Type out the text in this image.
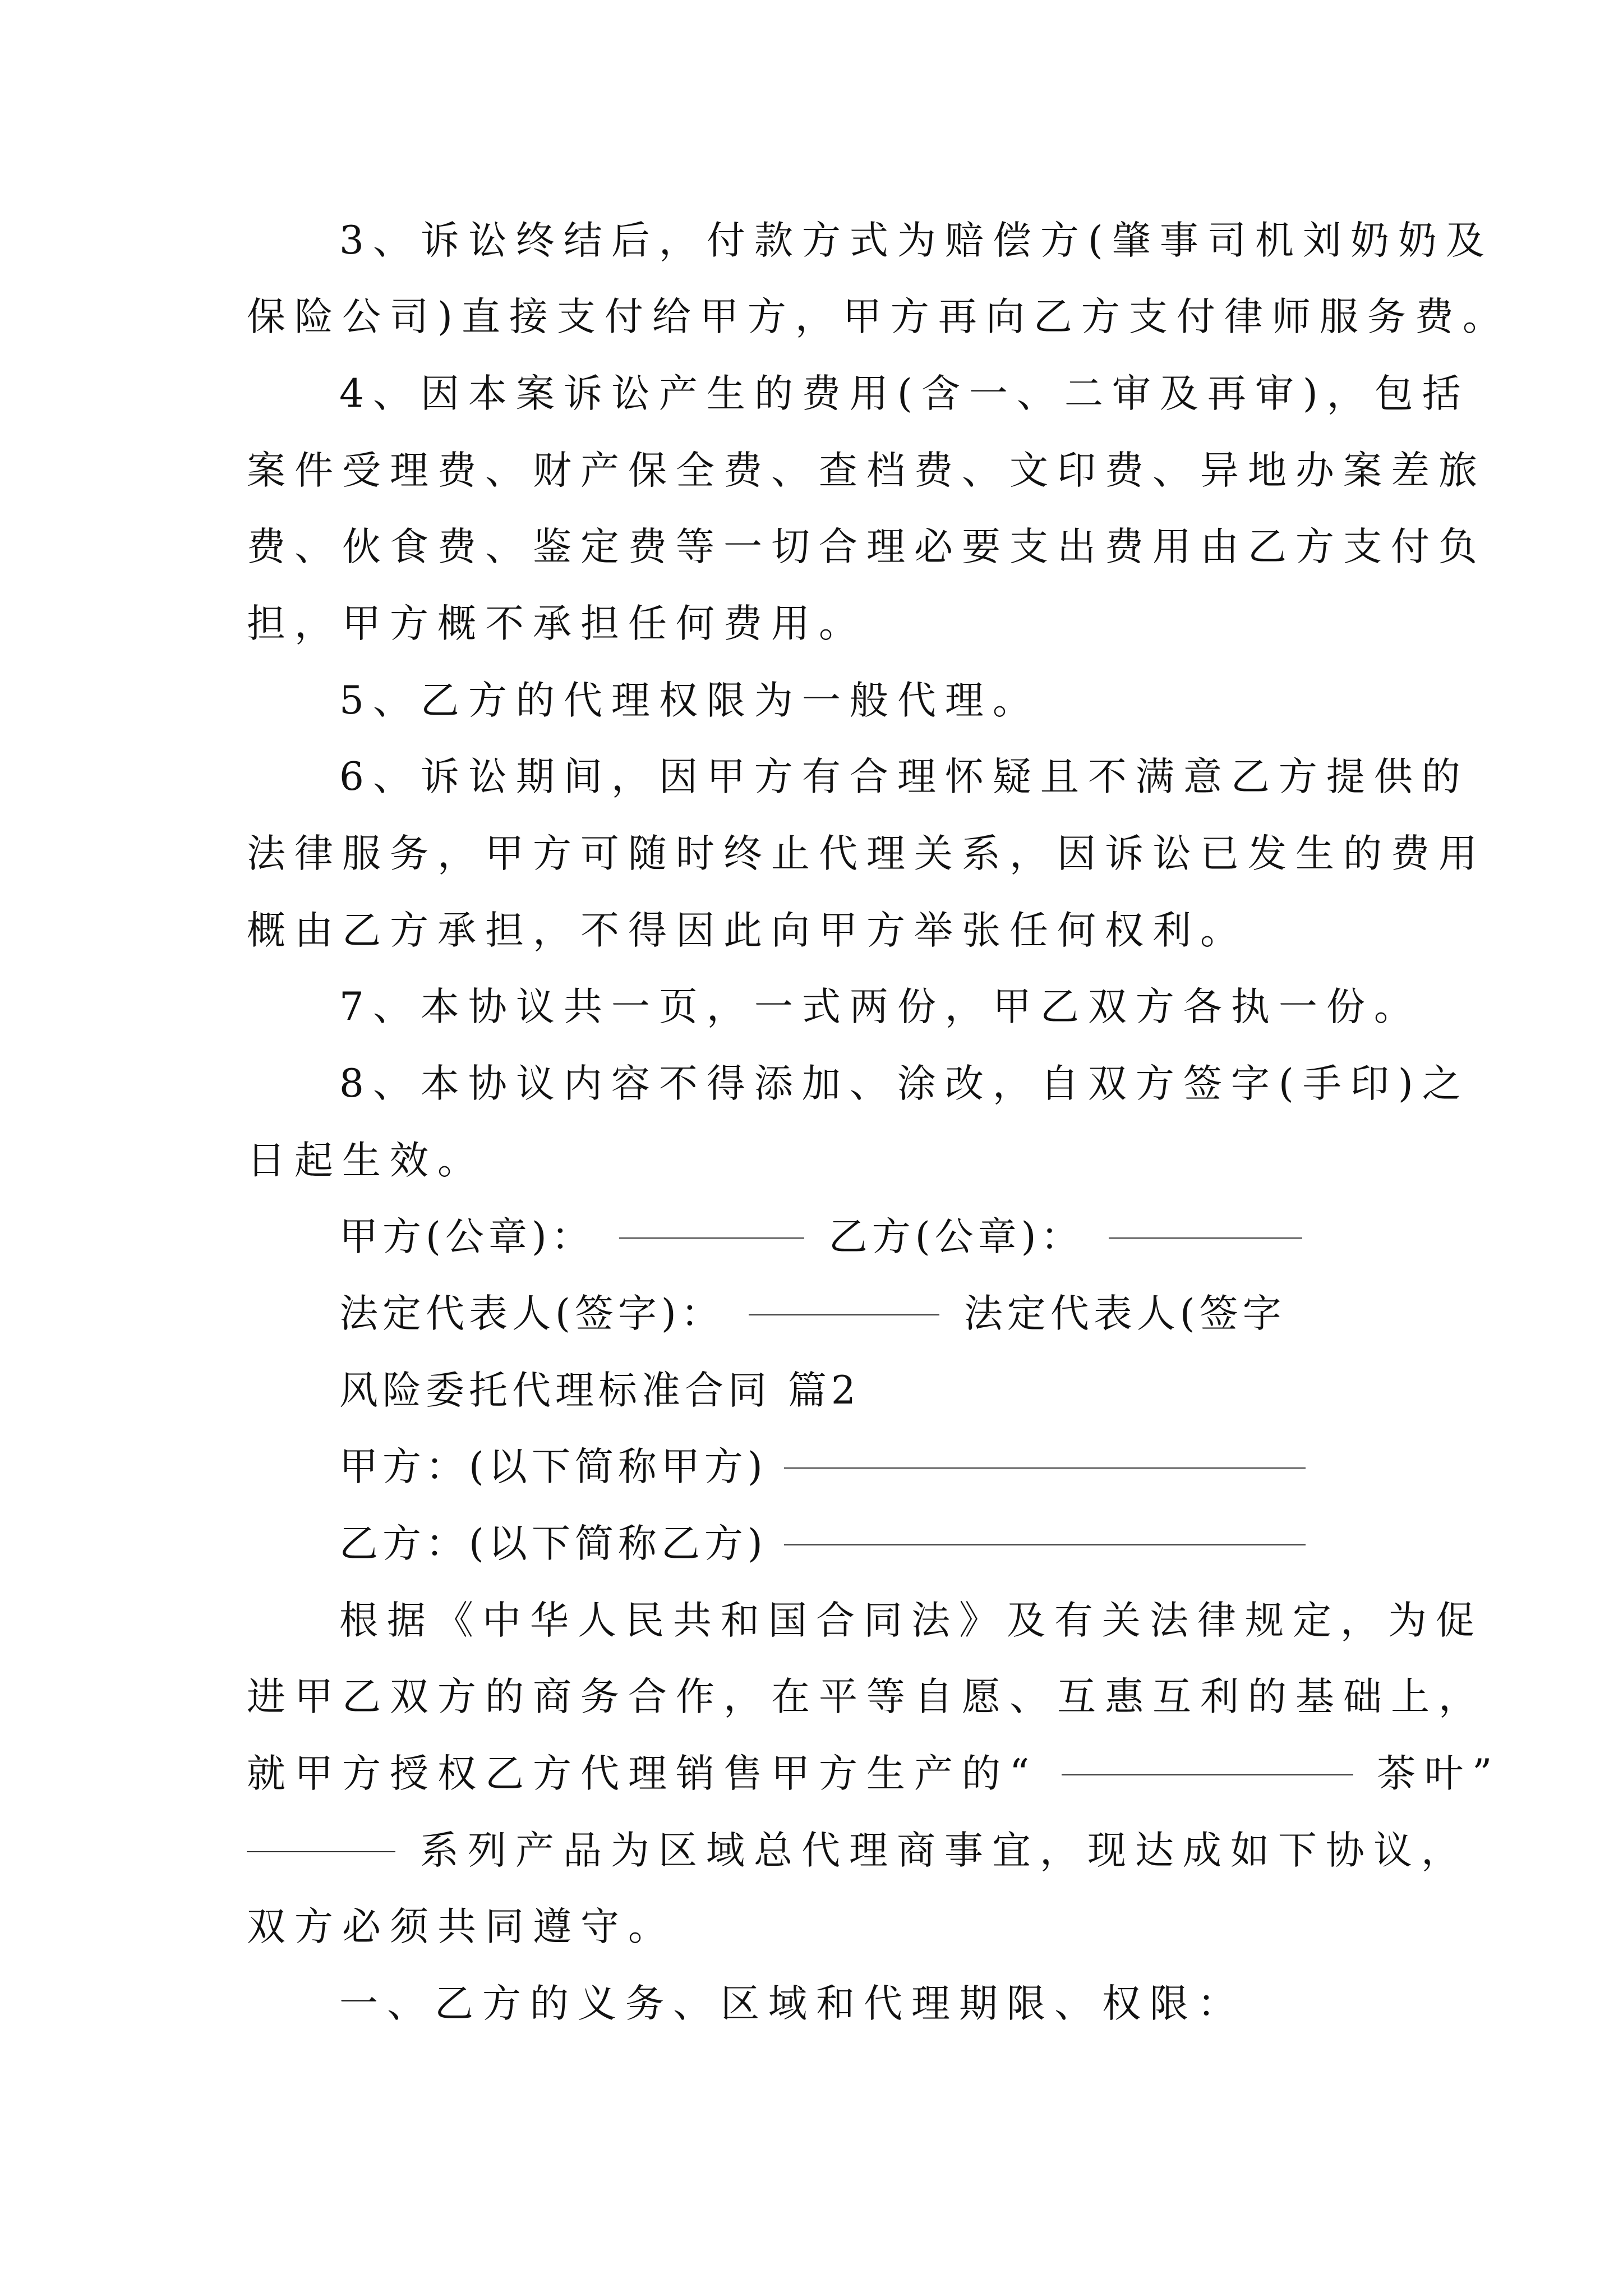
3、诉讼终结后，付款方式为赔偿方(肇事司机刘奶奶及
保险公司)直接支付给甲方，甲方再向乙方支付律师服务费。
4、因本案诉讼产生的费用(含一、二审及再审)，包括
案件受理费、财产保全费、查档费、文印费、异地办案差旅
费、伙食费、鉴定费等一切合理必要支出费用由乙方支付负
担，甲方概不承担任何费用。
5、乙方的代理权限为一般代理。
6、诉讼期间，因甲方有合理怀疑且不满意乙方提供的
法律服务，甲方可随时终止代理关系，因诉讼已发生的费用
概由乙方承担，不得因此向甲方举张任何权利。
7、本协议共一页，一式两份，甲乙双方各执一份。
8、本协议内容不得添加、涂改，自双方签字(手印)之
日起生效。
甲方(公章)：	乙方(公章)：
法定代表人(签字)：	法定代表人(签字
风险委托代理标准合同 篇2
甲方：(以下简称甲方)
乙方：(以下简称乙方)
根据《中华人民共和国合同法》及有关法律规定，为促
进甲乙双方的商务合作，在平等自愿、互惠互利的基础上，
就甲方授权乙方代理销售甲方生产的“	茶叶”
系列产品为区域总代理商事宜，现达成如下协议，
双方必须共同遵守。
一、乙方的义务、区域和代理期限、权限：
